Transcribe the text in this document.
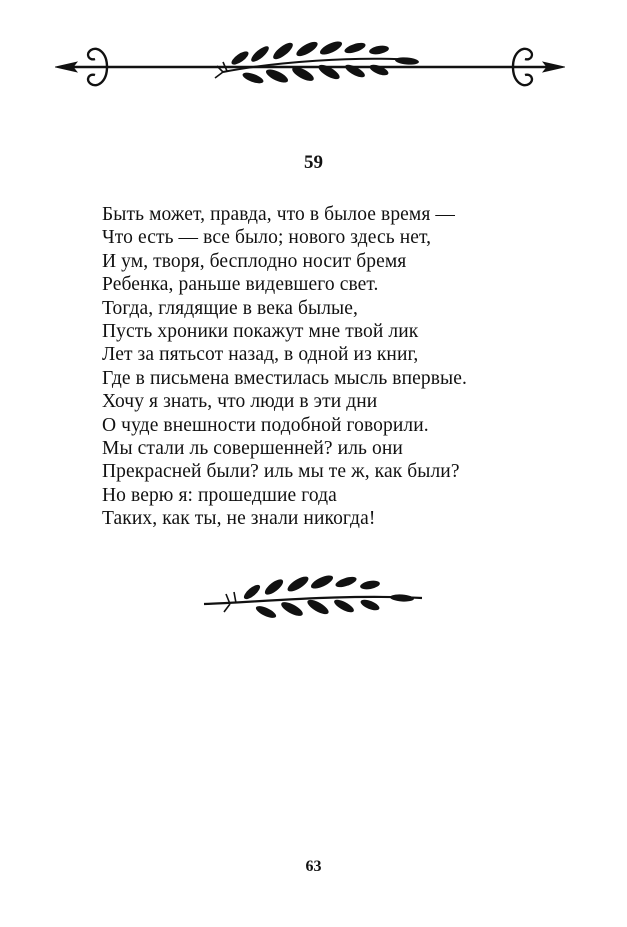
59
Быть может, правда, что в былое время —
Что есть — все было; нового здесь нет,
И ум, творя, бесплодно носит бремя
Ребенка, раньше видевшего свет.
Тогда, глядящие в века былые,
Пусть хроники покажут мне твой лик
Лет за пятьсот назад, в одной из книг,
Где в письмена вместилась мысль впервые.
Хочу я знать, что люди в эти дни
О чуде внешности подобной говорили.
Мы стали ль совершенней? иль они
Прекрасней были? иль мы те ж, как были?
Но верю я: прошедшие года
Таких, как ты, не знали никогда!
63
